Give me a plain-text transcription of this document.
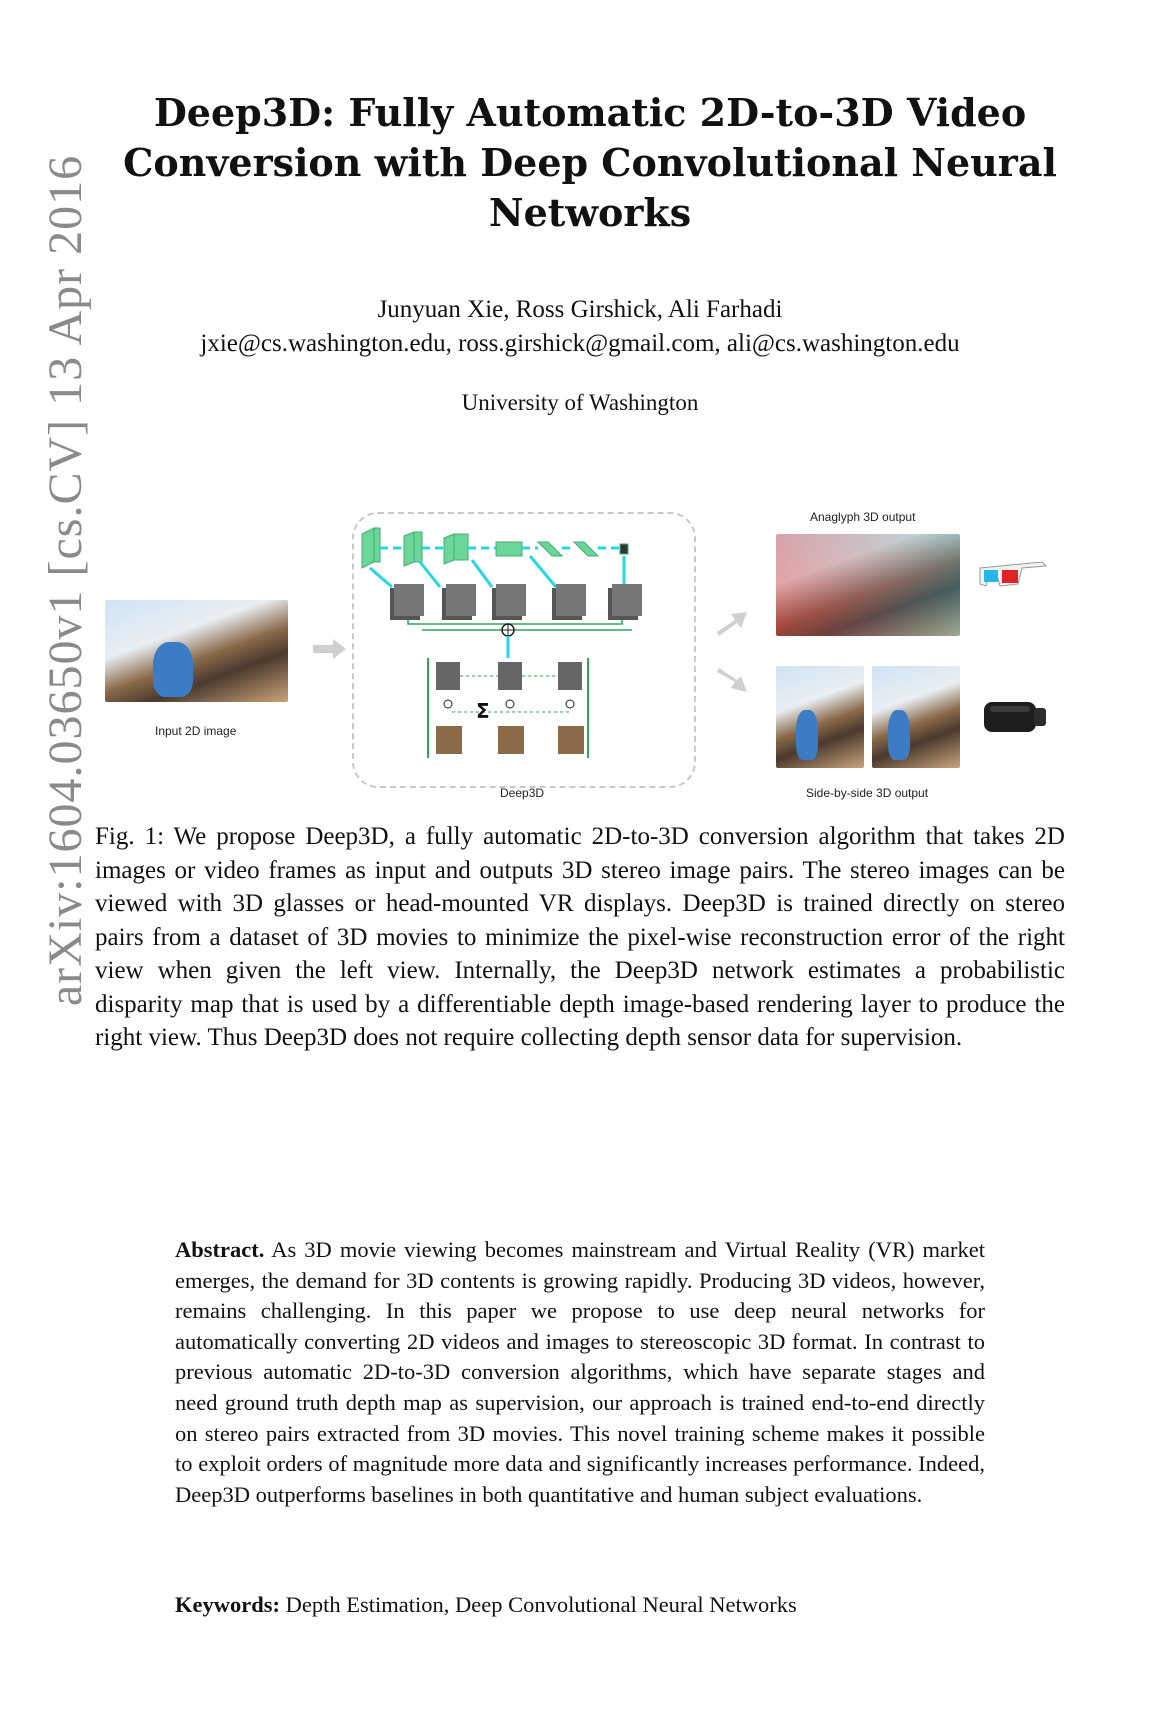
arXiv:1604.03650v1 [cs.CV] 13 Apr 2016
Deep3D: Fully Automatic 2D-to-3D Video Conversion with Deep Convolutional Neural Networks

Junyuan Xie, Ross Girshick, Ali Farhadi

jxie@cs.washington.edu, ross.girshick@gmail.com, ali@cs.washington.edu

University of Washington

Input 2D image
Σ
Deep3D
Anaglyph 3D output
Side-by-side 3D output

Fig. 1: We propose Deep3D, a fully automatic 2D-to-3D conversion algorithm that takes 2D images or video frames as input and outputs 3D stereo image pairs. The stereo images can be viewed with 3D glasses or head-mounted VR displays. Deep3D is trained directly on stereo pairs from a dataset of 3D movies to minimize the pixel-wise reconstruction error of the right view when given the left view. Internally, the Deep3D network estimates a probabilistic disparity map that is used by a differentiable depth image-based rendering layer to produce the right view. Thus Deep3D does not require collecting depth sensor data for supervision.

Abstract. As 3D movie viewing becomes mainstream and Virtual Reality (VR) market emerges, the demand for 3D contents is growing rapidly. Producing 3D videos, however, remains challenging. In this paper we propose to use deep neural networks for automatically converting 2D videos and images to stereoscopic 3D format. In contrast to previous automatic 2D-to-3D conversion algorithms, which have separate stages and need ground truth depth map as supervision, our approach is trained end-to-end directly on stereo pairs extracted from 3D movies. This novel training scheme makes it possible to exploit orders of magnitude more data and significantly increases performance. Indeed, Deep3D outperforms baselines in both quantitative and human subject evaluations.

Keywords: Depth Estimation, Deep Convolutional Neural Networks
